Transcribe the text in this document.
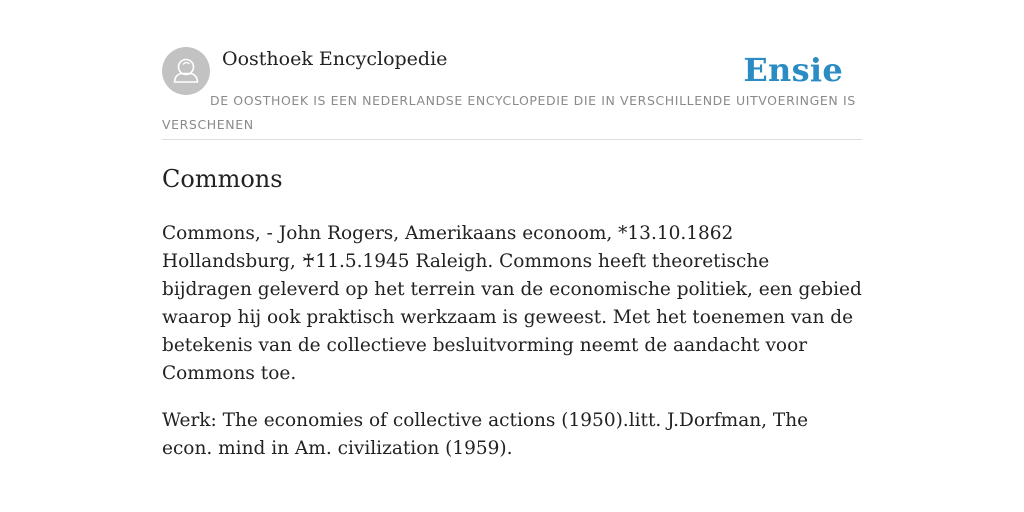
Oosthoek Encyclopedie	Ensie
DE OOSTHOEK IS EEN NEDERLANDSE ENCYCLOPEDIE DIE IN VERSCHILLENDE UITVOERINGEN IS VERSCHENEN
Commons

Commons, - John Rogers, Amerikaans econoom, *13.10.1862 Hollandsburg, ♰11.5.1945 Raleigh. Commons heeft theoretische bijdragen geleverd op het terrein van de economische politiek, een gebied waarop hij ook praktisch werkzaam is geweest. Met het toenemen van de betekenis van de collectieve besluitvorming neemt de aandacht voor Commons toe.

Werk: The economies of collective actions (1950).litt. J.Dorfman, The econ. mind in Am. civilization (1959).
